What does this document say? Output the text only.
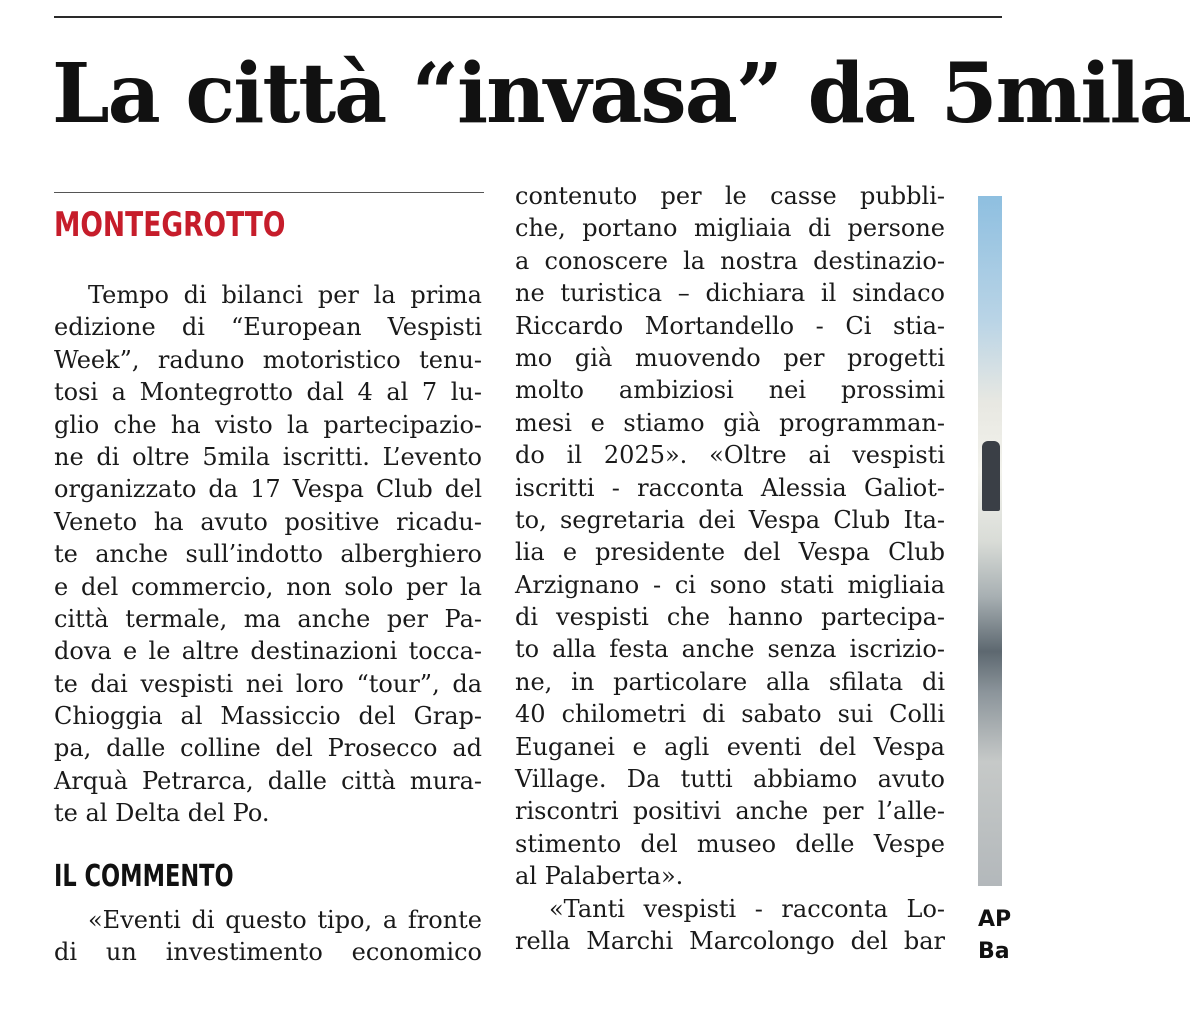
La città “invasa” da 5mila
MONTEGROTTO
Tempo di bilanci per la prima
edizione di “European Vespisti
Week”, raduno motoristico tenu-
tosi a Montegrotto dal 4 al 7 lu-
glio che ha visto la partecipazio-
ne di oltre 5mila iscritti. L’evento
organizzato da 17 Vespa Club del
Veneto ha avuto positive ricadu-
te anche sull’indotto alberghiero
e del commercio, non solo per la
città termale, ma anche per Pa-
dova e le altre destinazioni tocca-
te dai vespisti nei loro “tour”, da
Chioggia al Massiccio del Grap-
pa, dalle colline del Prosecco ad
Arquà Petrarca, dalle città mura-
te al Delta del Po.
IL COMMENTO
«Eventi di questo tipo, a fronte
di un investimento economico
contenuto per le casse pubbli-
che, portano migliaia di persone
a conoscere la nostra destinazio-
ne turistica – dichiara il sindaco
Riccardo Mortandello - Ci stia-
mo già muovendo per progetti
molto ambiziosi nei prossimi
mesi e stiamo già programman-
do il 2025». «Oltre ai vespisti
iscritti - racconta Alessia Galiot-
to, segretaria dei Vespa Club Ita-
lia e presidente del Vespa Club
Arzignano - ci sono stati migliaia
di vespisti che hanno partecipa-
to alla festa anche senza iscrizio-
ne, in particolare alla sfilata di
40 chilometri di sabato sui Colli
Euganei e agli eventi del Vespa
Village. Da tutti abbiamo avuto
riscontri positivi anche per l’alle-
stimento del museo delle Vespe
al Palaberta».
«Tanti vespisti - racconta Lo-
rella Marchi Marcolongo del bar
AP
Ba
